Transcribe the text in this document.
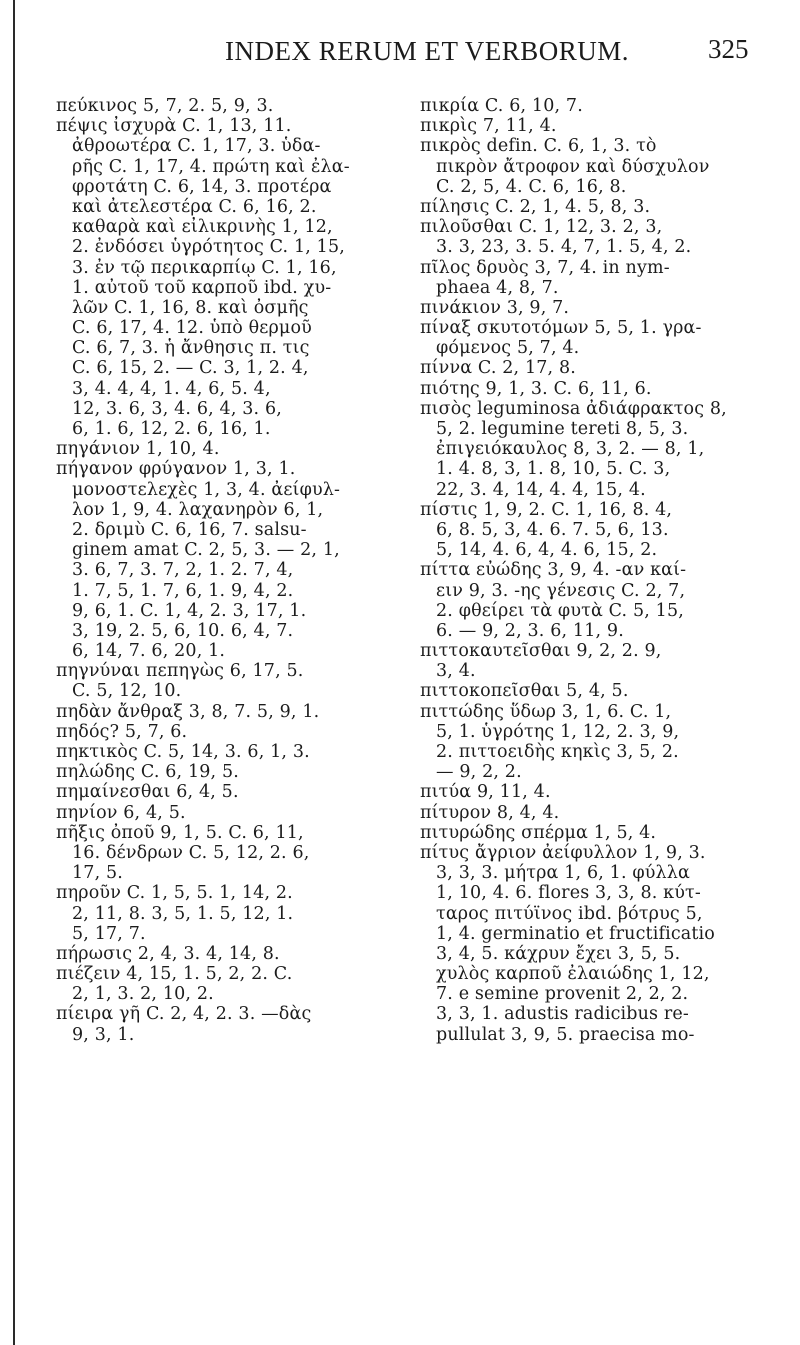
INDEX RERUM ET VERBORUM.	325
πεύκινος 5, 7, 2. 5, 9, 3.
πέψις ἰσχυρὰ C. 1, 13, 11.
ἀθροωτέρα C. 1, 17, 3. ὑδα-
ρῆς C. 1, 17, 4. πρώτη καὶ ἐλα-
φροτάτη C. 6, 14, 3. προτέρα
καὶ ἀτελεστέρα C. 6, 16, 2.
καθαρὰ καὶ εἰλικρινὴς 1, 12,
2. ἐνδόσει ὑγρότητος C. 1, 15,
3. ἐν τῷ περικαρπίῳ C. 1, 16,
1. αὐτοῦ τοῦ καρποῦ ibd. χυ-
λῶν C. 1, 16, 8. καὶ ὀσμῆς
C. 6, 17, 4. 12. ὑπὸ θερμοῦ
C. 6, 7, 3. ἡ ἄνθησις π. τις
C. 6, 15, 2. — C. 3, 1, 2. 4,
3, 4. 4, 4, 1. 4, 6, 5. 4,
12, 3. 6, 3, 4. 6, 4, 3. 6,
6, 1. 6, 12, 2. 6, 16, 1.
πηγάνιον 1, 10, 4.
πήγανον φρύγανον 1, 3, 1.
μονοστελεχὲς 1, 3, 4. ἀείφυλ-
λον 1, 9, 4. λαχανηρὸν 6, 1,
2. δριμὺ C. 6, 16, 7. salsu-
ginem amat C. 2, 5, 3. — 2, 1,
3. 6, 7, 3. 7, 2, 1. 2. 7, 4,
1. 7, 5, 1. 7, 6, 1. 9, 4, 2.
9, 6, 1. C. 1, 4, 2. 3, 17, 1.
3, 19, 2. 5, 6, 10. 6, 4, 7.
6, 14, 7. 6, 20, 1.
πηγνύναι πεπηγὼς 6, 17, 5.
C. 5, 12, 10.
πηδὰν ἄνθραξ 3, 8, 7. 5, 9, 1.
πηδός? 5, 7, 6.
πηκτικὸς C. 5, 14, 3. 6, 1, 3.
πηλώδης C. 6, 19, 5.
πημαίνεσθαι 6, 4, 5.
πηνίον 6, 4, 5.
πῆξις ὀποῦ 9, 1, 5. C. 6, 11,
16. δένδρων C. 5, 12, 2. 6,
17, 5.
πηροῦν C. 1, 5, 5. 1, 14, 2.
2, 11, 8. 3, 5, 1. 5, 12, 1.
5, 17, 7.
πήρωσις 2, 4, 3. 4, 14, 8.
πιέζειν 4, 15, 1. 5, 2, 2. C.
2, 1, 3. 2, 10, 2.
πίειρα γῆ C. 2, 4, 2. 3. —δὰς
9, 3, 1.
πικρία C. 6, 10, 7.
πικρὶς 7, 11, 4.
πικρὸς defin. C. 6, 1, 3. τὸ
πικρὸν ἄτροφον καὶ δύσχυλον
C. 2, 5, 4. C. 6, 16, 8.
πίλησις C. 2, 1, 4. 5, 8, 3.
πιλοῦσθαι C. 1, 12, 3. 2, 3,
3. 3, 23, 3. 5. 4, 7, 1. 5, 4, 2.
πῖλος δρυὸς 3, 7, 4. in nym-
phaea 4, 8, 7.
πινάκιον 3, 9, 7.
πίναξ σκυτοτόμων 5, 5, 1. γρα-
φόμενος 5, 7, 4.
πίννα C. 2, 17, 8.
πιότης 9, 1, 3. C. 6, 11, 6.
πισὸς leguminosa ἀδιάφρακτος 8,
5, 2. legumine tereti 8, 5, 3.
ἐπιγειόκαυλος 8, 3, 2. — 8, 1,
1. 4. 8, 3, 1. 8, 10, 5. C. 3,
22, 3. 4, 14, 4. 4, 15, 4.
πίστις 1, 9, 2. C. 1, 16, 8. 4,
6, 8. 5, 3, 4. 6. 7. 5, 6, 13.
5, 14, 4. 6, 4, 4. 6, 15, 2.
πίττα εὐώδης 3, 9, 4. -αν καί-
ειν 9, 3. -ης γένεσις C. 2, 7,
2. φθείρει τὰ φυτὰ C. 5, 15,
6. — 9, 2, 3. 6, 11, 9.
πιττοκαυτεῖσθαι 9, 2, 2. 9,
3, 4.
πιττοκοπεῖσθαι 5, 4, 5.
πιττώδης ὕδωρ 3, 1, 6. C. 1,
5, 1. ὑγρότης 1, 12, 2. 3, 9,
2. πιττοειδὴς κηκὶς 3, 5, 2.
— 9, 2, 2.
πιτύα 9, 11, 4.
πίτυρον 8, 4, 4.
πιτυρώδης σπέρμα 1, 5, 4.
πίτυς ἄγριον ἀείφυλλον 1, 9, 3.
3, 3, 3. μήτρα 1, 6, 1. φύλλα
1, 10, 4. 6. flores 3, 3, 8. κύτ-
ταρος πιτύϊνος ibd. βότρυς 5,
1, 4. germinatio et fructificatio
3, 4, 5. κάχρυν ἔχει 3, 5, 5.
χυλὸς καρποῦ ἐλαιώδης 1, 12,
7. e semine provenit 2, 2, 2.
3, 3, 1. adustis radicibus re-
pullulat 3, 9, 5. praecisa mo-
